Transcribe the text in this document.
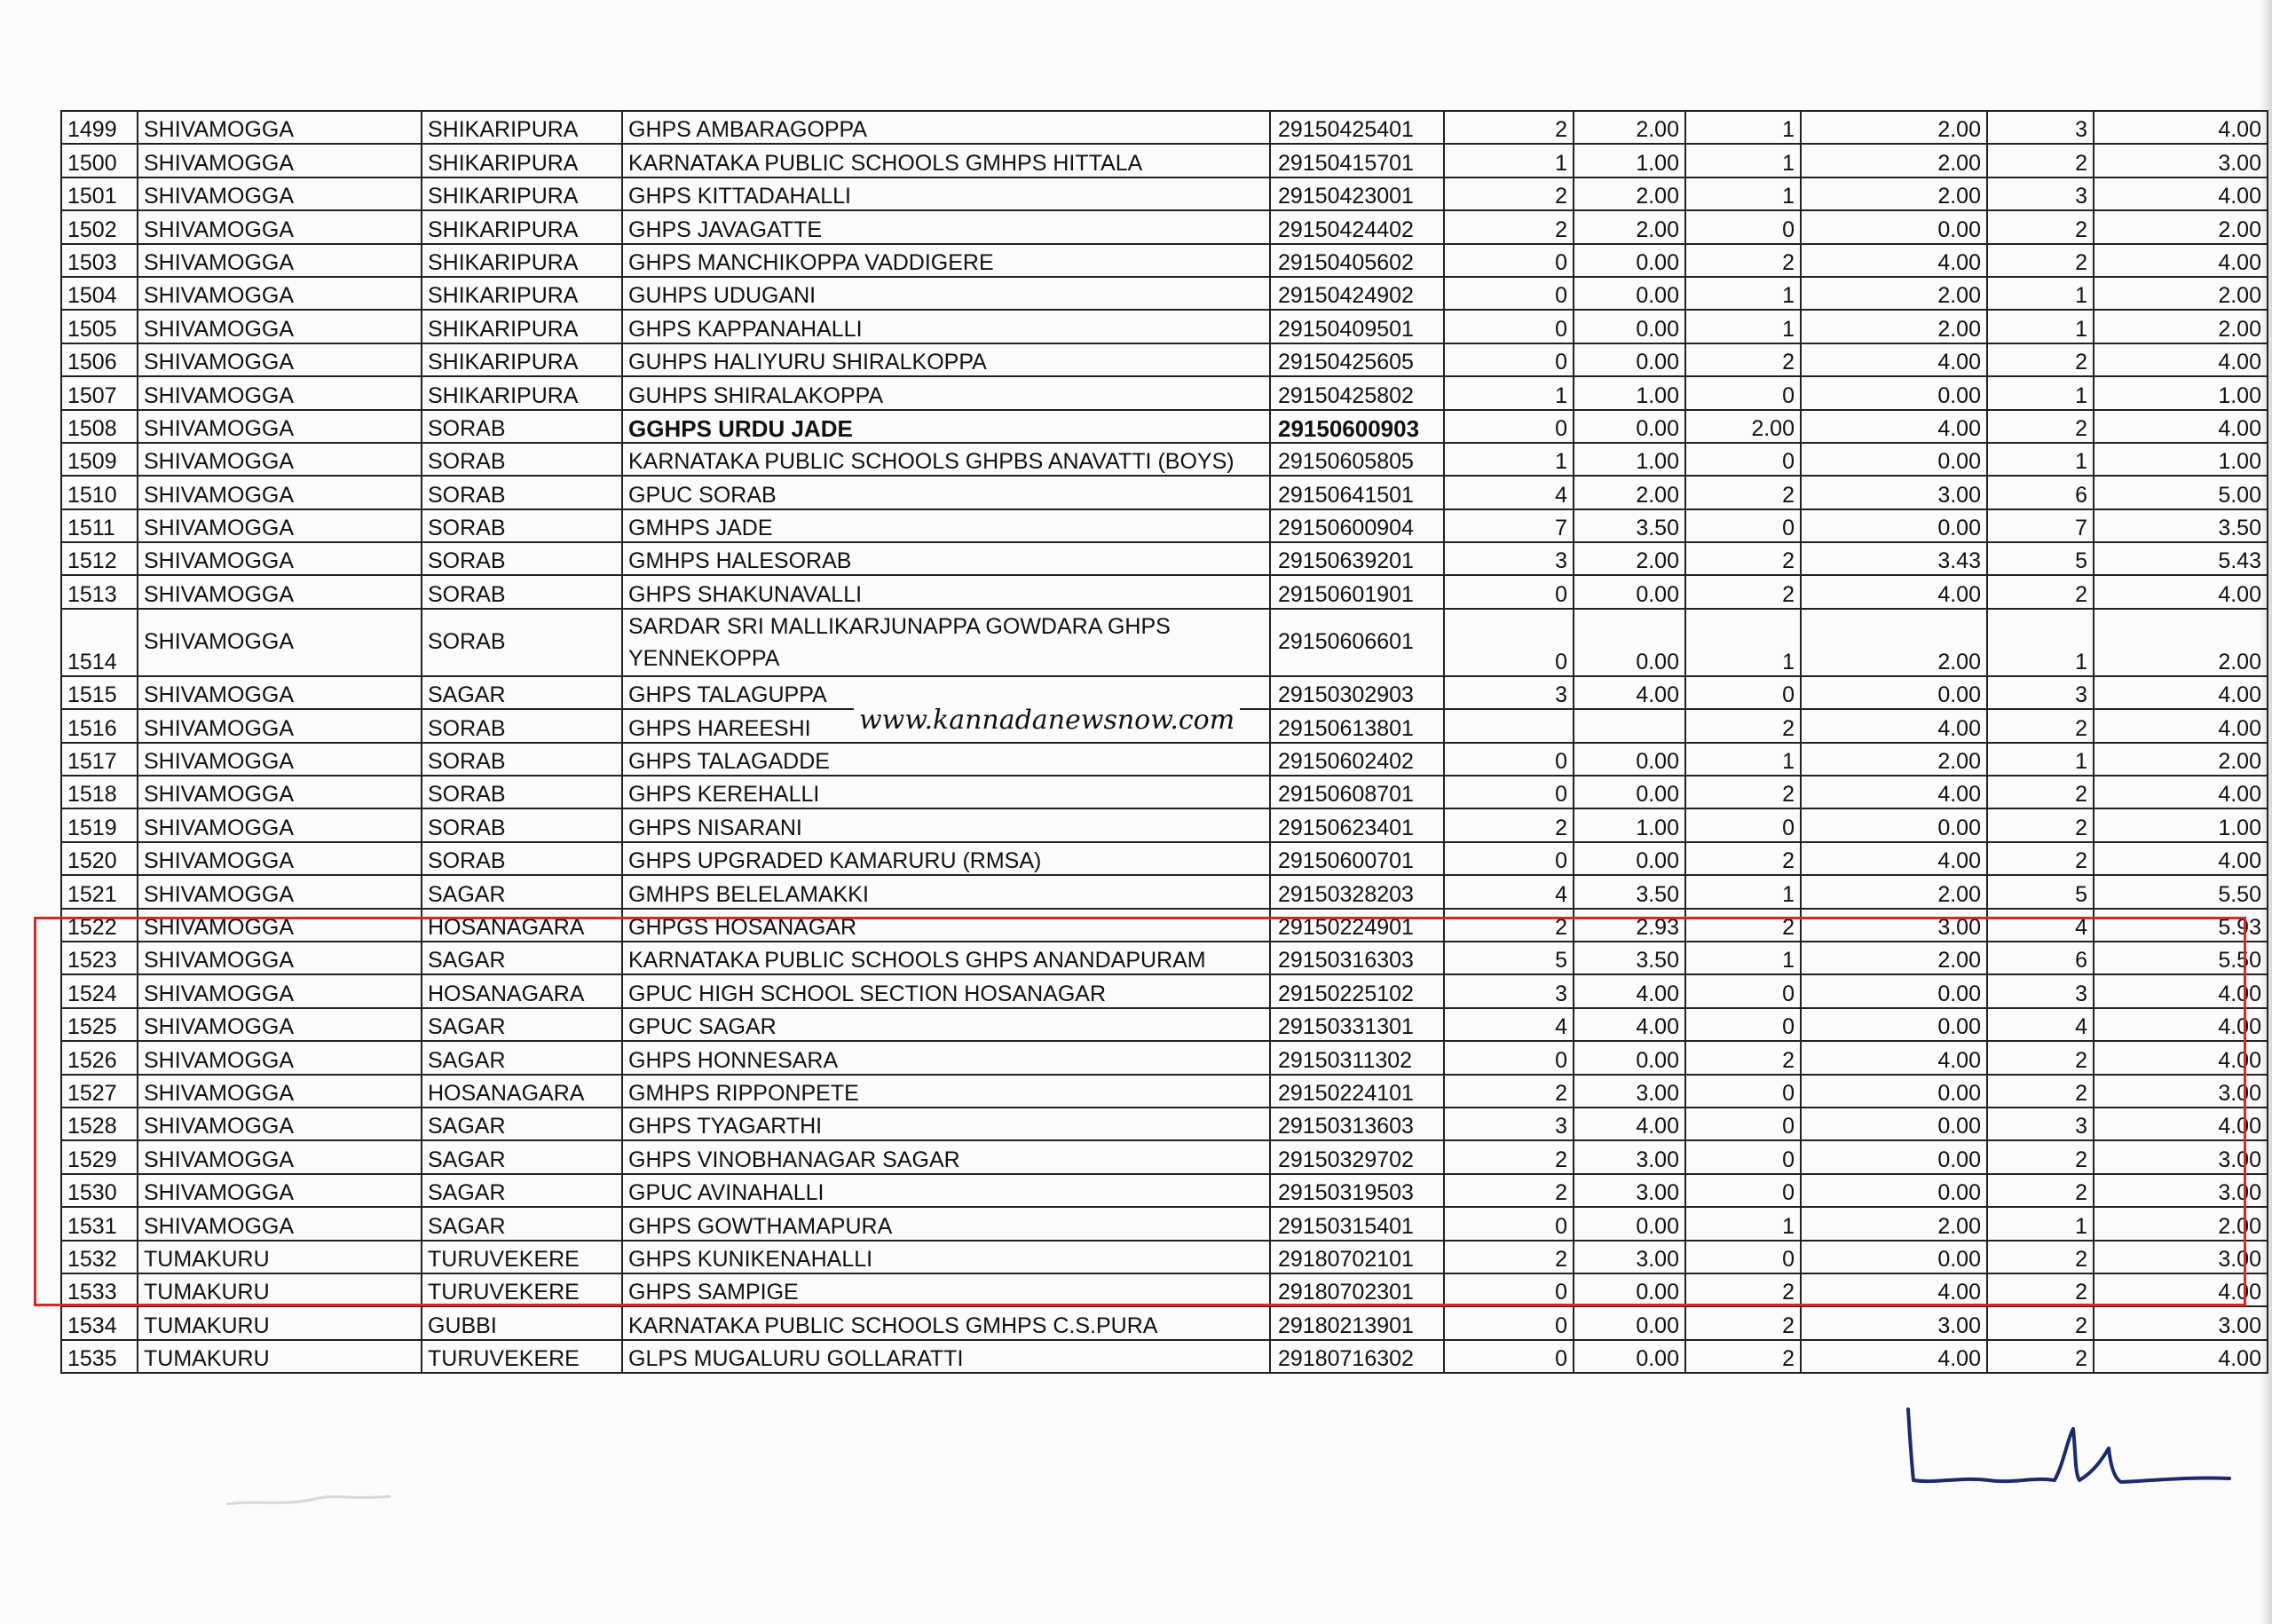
1499	SHIVAMOGGA	SHIKARIPURA	GHPS AMBARAGOPPA	29150425401	2	2.00	1	2.00	3	4.00
1500	SHIVAMOGGA	SHIKARIPURA	KARNATAKA PUBLIC SCHOOLS GMHPS HITTALA	29150415701	1	1.00	1	2.00	2	3.00
1501	SHIVAMOGGA	SHIKARIPURA	GHPS KITTADAHALLI	29150423001	2	2.00	1	2.00	3	4.00
1502	SHIVAMOGGA	SHIKARIPURA	GHPS JAVAGATTE	29150424402	2	2.00	0	0.00	2	2.00
1503	SHIVAMOGGA	SHIKARIPURA	GHPS MANCHIKOPPA VADDIGERE	29150405602	0	0.00	2	4.00	2	4.00
1504	SHIVAMOGGA	SHIKARIPURA	GUHPS UDUGANI	29150424902	0	0.00	1	2.00	1	2.00
1505	SHIVAMOGGA	SHIKARIPURA	GHPS KAPPANAHALLI	29150409501	0	0.00	1	2.00	1	2.00
1506	SHIVAMOGGA	SHIKARIPURA	GUHPS HALIYURU SHIRALKOPPA	29150425605	0	0.00	2	4.00	2	4.00
1507	SHIVAMOGGA	SHIKARIPURA	GUHPS SHIRALAKOPPA	29150425802	1	1.00	0	0.00	1	1.00
1508	SHIVAMOGGA	SORAB	GGHPS URDU JADE	29150600903	0	0.00	2.00	4.00	2	4.00
1509	SHIVAMOGGA	SORAB	KARNATAKA PUBLIC SCHOOLS GHPBS ANAVATTI (BOYS)	29150605805	1	1.00	0	0.00	1	1.00
1510	SHIVAMOGGA	SORAB	GPUC SORAB	29150641501	4	2.00	2	3.00	6	5.00
1511	SHIVAMOGGA	SORAB	GMHPS JADE	29150600904	7	3.50	0	0.00	7	3.50
1512	SHIVAMOGGA	SORAB	GMHPS HALESORAB	29150639201	3	2.00	2	3.43	5	5.43
1513	SHIVAMOGGA	SORAB	GHPS SHAKUNAVALLI	29150601901	0	0.00	2	4.00	2	4.00
1514	SHIVAMOGGA	SORAB	SARDAR SRI MALLIKARJUNAPPA GOWDARA GHPS YENNEKOPPA	29150606601	0	0.00	1	2.00	1	2.00
1515	SHIVAMOGGA	SAGAR	GHPS TALAGUPPA	29150302903	3	4.00	0	0.00	3	4.00
1516	SHIVAMOGGA	SORAB	GHPS HAREESHI	29150613801			2	4.00	2	4.00
1517	SHIVAMOGGA	SORAB	GHPS TALAGADDE	29150602402	0	0.00	1	2.00	1	2.00
1518	SHIVAMOGGA	SORAB	GHPS KEREHALLI	29150608701	0	0.00	2	4.00	2	4.00
1519	SHIVAMOGGA	SORAB	GHPS NISARANI	29150623401	2	1.00	0	0.00	2	1.00
1520	SHIVAMOGGA	SORAB	GHPS UPGRADED KAMARURU (RMSA)	29150600701	0	0.00	2	4.00	2	4.00
1521	SHIVAMOGGA	SAGAR	GMHPS BELELAMAKKI	29150328203	4	3.50	1	2.00	5	5.50
1522	SHIVAMOGGA	HOSANAGARA	GHPGS HOSANAGAR	29150224901	2	2.93	2	3.00	4	5.93
1523	SHIVAMOGGA	SAGAR	KARNATAKA PUBLIC SCHOOLS GHPS ANANDAPURAM	29150316303	5	3.50	1	2.00	6	5.50
1524	SHIVAMOGGA	HOSANAGARA	GPUC HIGH SCHOOL SECTION HOSANAGAR	29150225102	3	4.00	0	0.00	3	4.00
1525	SHIVAMOGGA	SAGAR	GPUC SAGAR	29150331301	4	4.00	0	0.00	4	4.00
1526	SHIVAMOGGA	SAGAR	GHPS HONNESARA	29150311302	0	0.00	2	4.00	2	4.00
1527	SHIVAMOGGA	HOSANAGARA	GMHPS RIPPONPETE	29150224101	2	3.00	0	0.00	2	3.00
1528	SHIVAMOGGA	SAGAR	GHPS TYAGARTHI	29150313603	3	4.00	0	0.00	3	4.00
1529	SHIVAMOGGA	SAGAR	GHPS VINOBHANAGAR SAGAR	29150329702	2	3.00	0	0.00	2	3.00
1530	SHIVAMOGGA	SAGAR	GPUC AVINAHALLI	29150319503	2	3.00	0	0.00	2	3.00
1531	SHIVAMOGGA	SAGAR	GHPS GOWTHAMAPURA	29150315401	0	0.00	1	2.00	1	2.00
1532	TUMAKURU	TURUVEKERE	GHPS KUNIKENAHALLI	29180702101	2	3.00	0	0.00	2	3.00
1533	TUMAKURU	TURUVEKERE	GHPS SAMPIGE	29180702301	0	0.00	2	4.00	2	4.00
1534	TUMAKURU	GUBBI	KARNATAKA PUBLIC SCHOOLS GMHPS C.S.PURA	29180213901	0	0.00	2	3.00	2	3.00
1535	TUMAKURU	TURUVEKERE	GLPS MUGALURU GOLLARATTI	29180716302	0	0.00	2	4.00	2	4.00
www.kannadanewsnow.com
